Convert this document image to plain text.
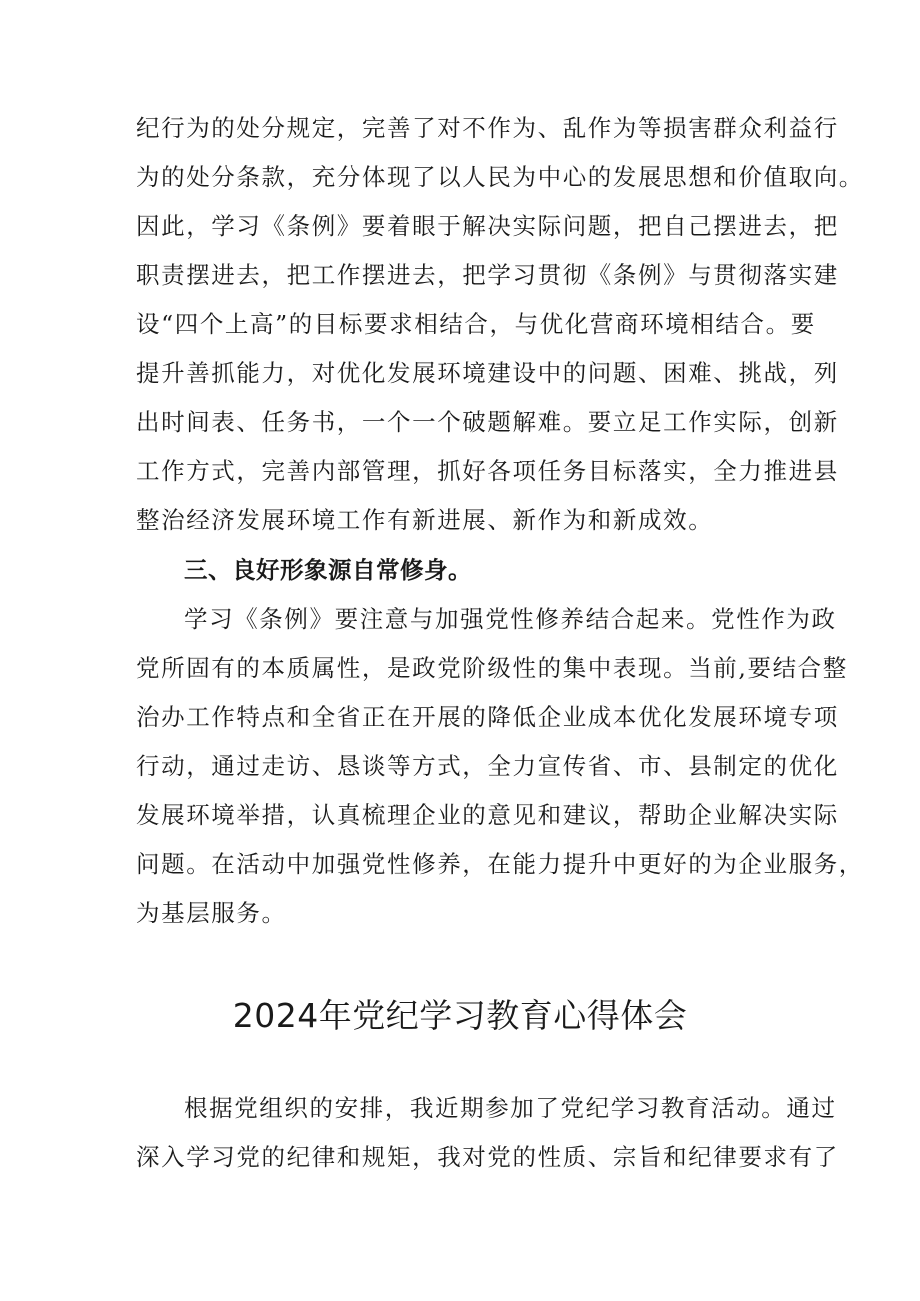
纪行为的处分规定，完善了对不作为、乱作为等损害群众利益行
为的处分条款，充分体现了以人民为中心的发展思想和价值取向。
因此，学习《条例》要着眼于解决实际问题，把自己摆进去，把
职责摆进去，把工作摆进去，把学习贯彻《条例》与贯彻落实建
设“四个上高”的目标要求相结合，与优化营商环境相结合。要
提升善抓能力，对优化发展环境建设中的问题、困难、挑战，列
出时间表、任务书，一个一个破题解难。要立足工作实际，创新
工作方式，完善内部管理，抓好各项任务目标落实，全力推进县
整治经济发展环境工作有新进展、新作为和新成效。
三、良好形象源自常修身。
学习《条例》要注意与加强党性修养结合起来。党性作为政
党所固有的本质属性，是政党阶级性的集中表现。当前,要结合整
治办工作特点和全省正在开展的降低企业成本优化发展环境专项
行动，通过走访、恳谈等方式，全力宣传省、市、县制定的优化
发展环境举措，认真梳理企业的意见和建议，帮助企业解决实际
问题。在活动中加强党性修养，在能力提升中更好的为企业服务，
为基层服务。
2024年党纪学习教育心得体会
根据党组织的安排，我近期参加了党纪学习教育活动。通过
深入学习党的纪律和规矩，我对党的性质、宗旨和纪律要求有了
